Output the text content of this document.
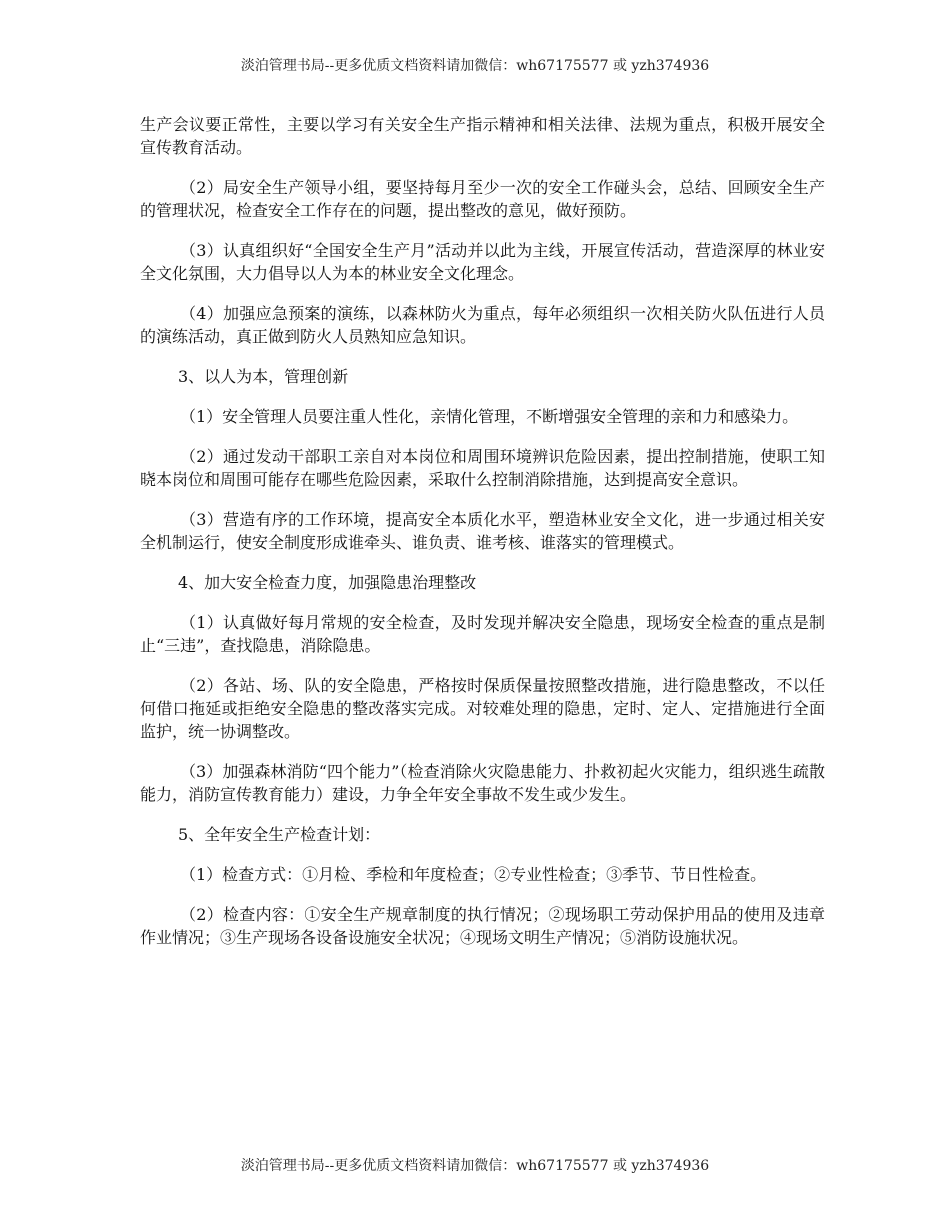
淡泊管理书局--更多优质文档资料请加微信：wh67175577 或 yzh374936

生产会议要正常性，主要以学习有关安全生产指示精神和相关法律、法规为重点，积极开展安全宣传教育活动。

（2）局安全生产领导小组，要坚持每月至少一次的安全工作碰头会，总结、回顾安全生产的管理状况，检查安全工作存在的问题，提出整改的意见，做好预防。

（3）认真组织好“全国安全生产月”活动并以此为主线，开展宣传活动，营造深厚的林业安全文化氛围，大力倡导以人为本的林业安全文化理念。

（4）加强应急预案的演练，以森林防火为重点，每年必须组织一次相关防火队伍进行人员的演练活动，真正做到防火人员熟知应急知识。

3、以人为本，管理创新

（1）安全管理人员要注重人性化，亲情化管理，不断增强安全管理的亲和力和感染力。

（2）通过发动干部职工亲自对本岗位和周围环境辨识危险因素，提出控制措施，使职工知晓本岗位和周围可能存在哪些危险因素，采取什么控制消除措施，达到提高安全意识。

（3）营造有序的工作环境，提高安全本质化水平，塑造林业安全文化，进一步通过相关安全机制运行，使安全制度形成谁牵头、谁负责、谁考核、谁落实的管理模式。

4、加大安全检查力度，加强隐患治理整改

（1）认真做好每月常规的安全检查，及时发现并解决安全隐患，现场安全检查的重点是制止“三违”，查找隐患，消除隐患。

（2）各站、场、队的安全隐患，严格按时保质保量按照整改措施，进行隐患整改，不以任何借口拖延或拒绝安全隐患的整改落实完成。对较难处理的隐患，定时、定人、定措施进行全面监护，统一协调整改。

（3）加强森林消防“四个能力”（检查消除火灾隐患能力、扑救初起火灾能力，组织逃生疏散能力，消防宣传教育能力）建设，力争全年安全事故不发生或少发生。

5、全年安全生产检查计划：

（1）检查方式：①月检、季检和年度检查；②专业性检查；③季节、节日性检查。

（2）检查内容：①安全生产规章制度的执行情况；②现场职工劳动保护用品的使用及违章作业情况；③生产现场各设备设施安全状况；④现场文明生产情况；⑤消防设施状况。

淡泊管理书局--更多优质文档资料请加微信：wh67175577 或 yzh374936
